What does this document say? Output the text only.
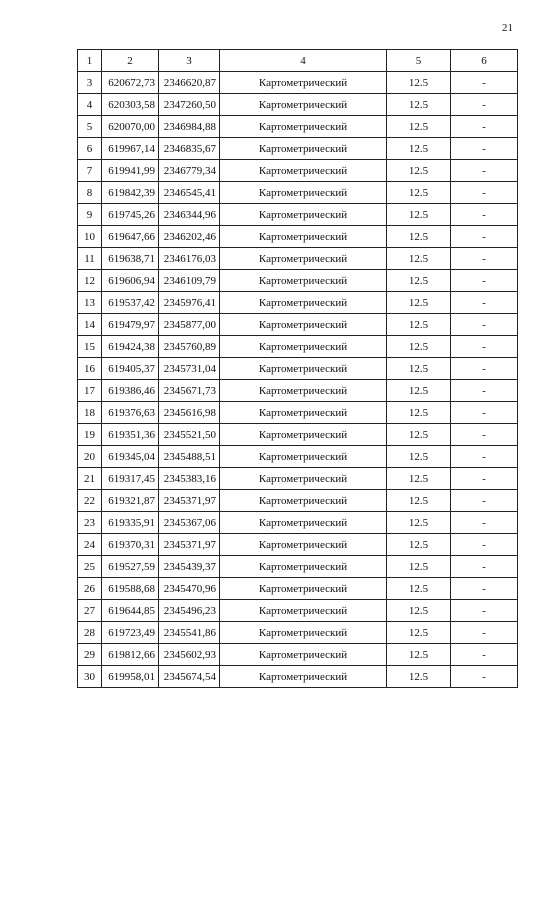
21
1	2	3	4	5	6
3	620672,73	2346620,87	Картометрический	12.5	-
4	620303,58	2347260,50	Картометрический	12.5	-
5	620070,00	2346984,88	Картометрический	12.5	-
6	619967,14	2346835,67	Картометрический	12.5	-
7	619941,99	2346779,34	Картометрический	12.5	-
8	619842,39	2346545,41	Картометрический	12.5	-
9	619745,26	2346344,96	Картометрический	12.5	-
10	619647,66	2346202,46	Картометрический	12.5	-
11	619638,71	2346176,03	Картометрический	12.5	-
12	619606,94	2346109,79	Картометрический	12.5	-
13	619537,42	2345976,41	Картометрический	12.5	-
14	619479,97	2345877,00	Картометрический	12.5	-
15	619424,38	2345760,89	Картометрический	12.5	-
16	619405,37	2345731,04	Картометрический	12.5	-
17	619386,46	2345671,73	Картометрический	12.5	-
18	619376,63	2345616,98	Картометрический	12.5	-
19	619351,36	2345521,50	Картометрический	12.5	-
20	619345,04	2345488,51	Картометрический	12.5	-
21	619317,45	2345383,16	Картометрический	12.5	-
22	619321,87	2345371,97	Картометрический	12.5	-
23	619335,91	2345367,06	Картометрический	12.5	-
24	619370,31	2345371,97	Картометрический	12.5	-
25	619527,59	2345439,37	Картометрический	12.5	-
26	619588,68	2345470,96	Картометрический	12.5	-
27	619644,85	2345496,23	Картометрический	12.5	-
28	619723,49	2345541,86	Картометрический	12.5	-
29	619812,66	2345602,93	Картометрический	12.5	-
30	619958,01	2345674,54	Картометрический	12.5	-
